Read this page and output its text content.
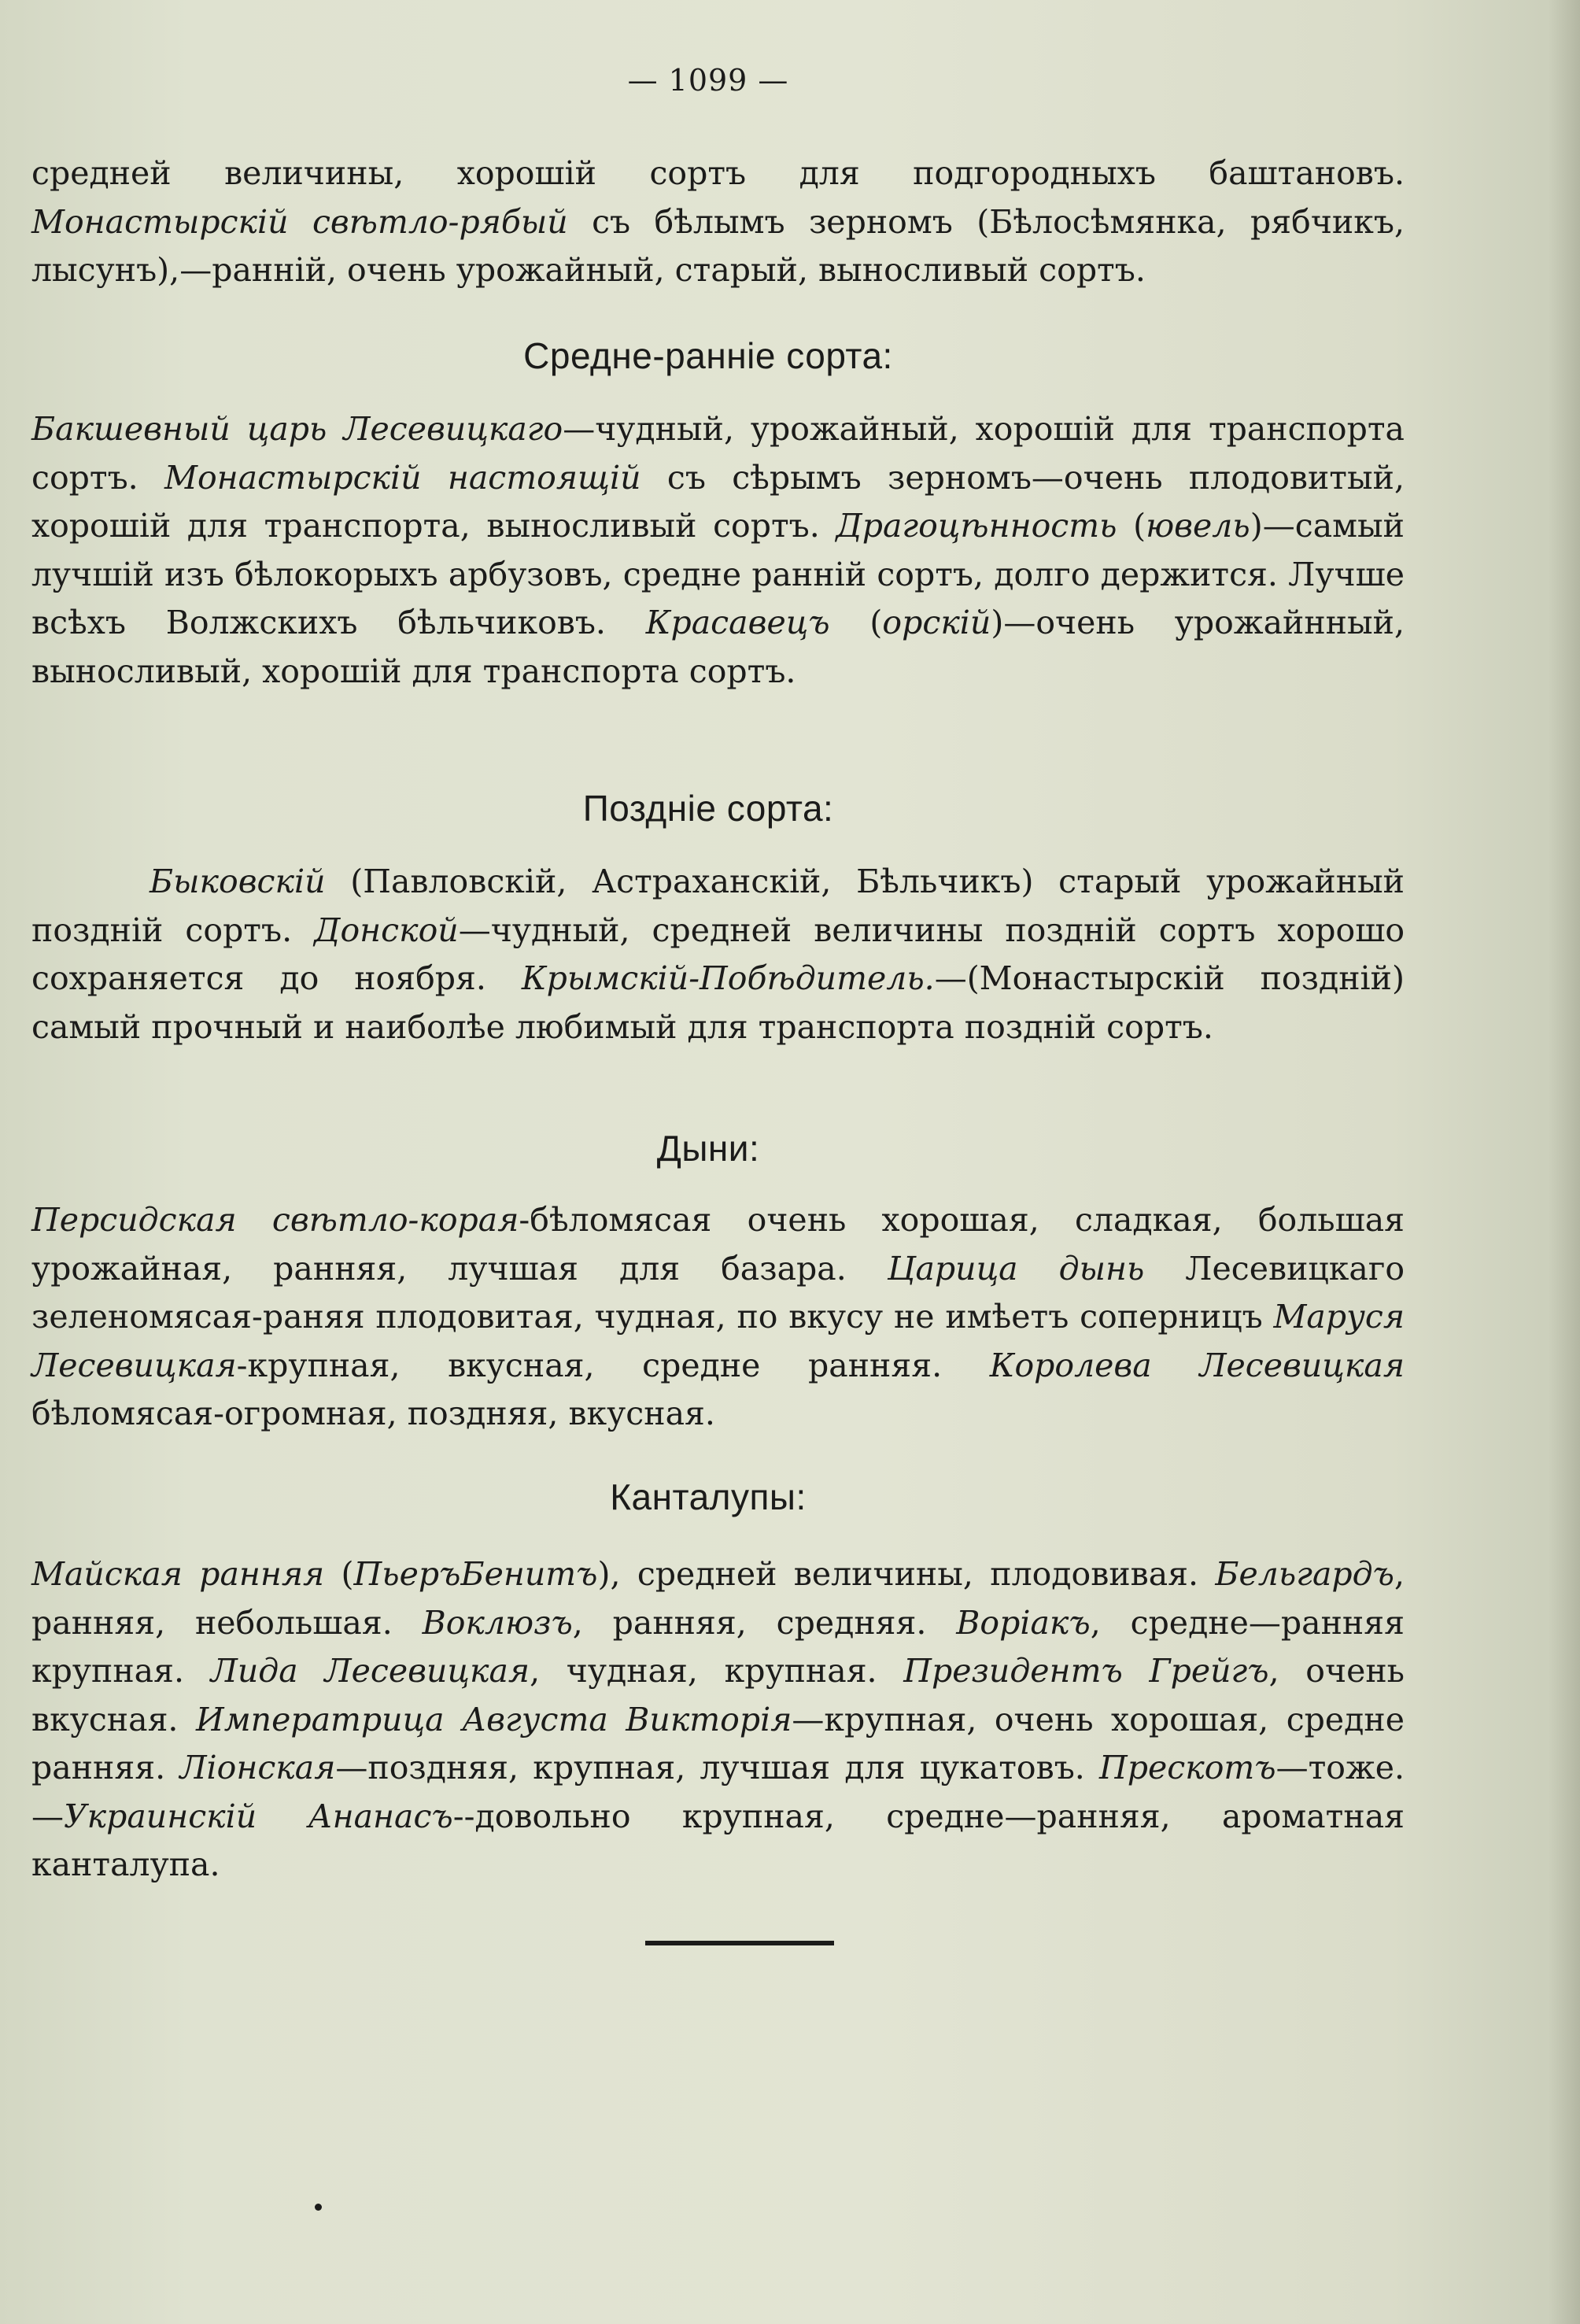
— 1099 —

средней величины, хорошій сортъ для подгородныхъ баштановъ. Монастырскій свѣтло-рябый съ бѣлымъ зерномъ (Бѣлосѣмянка, рябчикъ, лысунъ),—ранній, очень урожайный, старый, выносливый сортъ.

Средне-ранніе сорта:

Бакшевный царь Лесевицкаго—чудный, урожайный, хорошій для транспорта сортъ. Монастырскій настоящій съ сѣрымъ зерномъ—очень плодовитый, хорошій для транспорта, выносливый сортъ. Драгоцѣнность (ювель)—самый лучшій изъ бѣлокорыхъ арбузовъ, средне ранній сортъ, долго держится. Лучше всѣхъ Волжскихъ бѣльчиковъ. Красавецъ (орскій)—очень урожайнный, выносливый, хорошій для транспорта сортъ.

Поздніе сорта:

Быковскій (Павловскій, Астраханскій, Бѣльчикъ) старый урожайный поздній сортъ. Донской—чудный, средней величины поздній сортъ хорошо сохраняется до ноября. Крымскій-Побѣдитель.—(Монастырскій поздній) самый прочный и наиболѣе любимый для транспорта поздній сортъ.

Дыни:

Персидская свѣтло-корая-бѣломясая очень хорошая, сладкая, большая урожайная, ранняя, лучшая для базара. Царица дынь Лесевицкаго зеленомясая-раняя плодовитая, чудная, по вкусу не имѣетъ соперницъ Маруся Лесевицкая-крупная, вкусная, средне ранняя. Королева Лесевицкая бѣломясая-огромная, поздняя, вкусная.

Канталупы:

Майская ранняя (ПьеръБенитъ), средней величины, плодовивая. Бельгардъ, ранняя, небольшая. Воклюзъ, ранняя, средняя. Воріакъ, средне—ранняя крупная. Лида Лесевицкая, чудная, крупная. Президентъ Грейгъ, очень вкусная. Императрица Августа Викторія—крупная, очень хорошая, средне ранняя. Ліонская—поздняя, крупная, лучшая для цукатовъ. Прескотъ—тоже.—Украинскій Ананасъ--довольно крупная, средне—ранняя, ароматная канталупа.
